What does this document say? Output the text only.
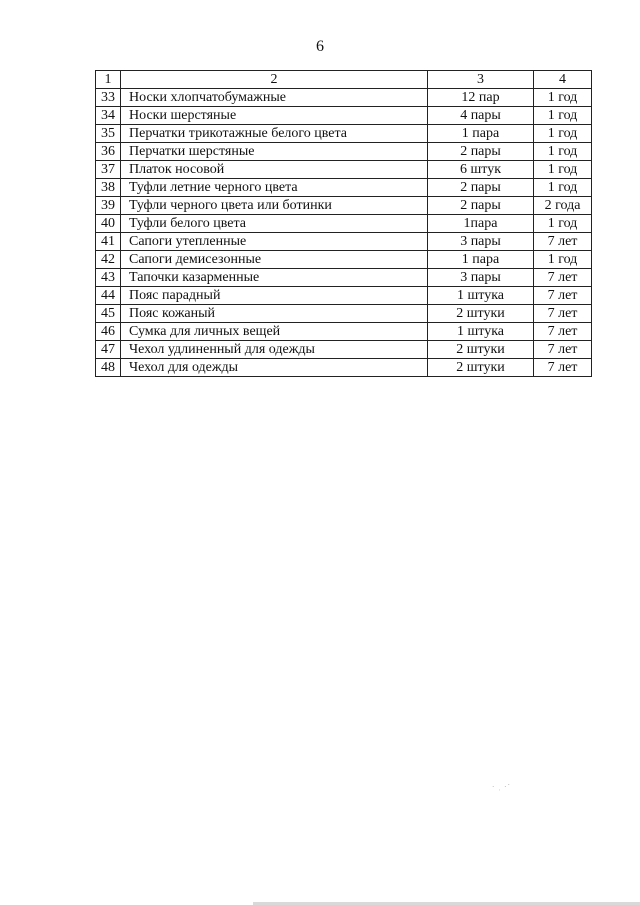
6
1	2	3	4
33	Носки хлопчатобумажные	12 пар	1 год
34	Носки шерстяные	4 пары	1 год
35	Перчатки трикотажные белого цвета	1 пара	1 год
36	Перчатки шерстяные	2 пары	1 год
37	Платок носовой	6 штук	1 год
38	Туфли летние черного цвета	2 пары	1 год
39	Туфли черного цвета или ботинки	2 пары	2 года
40	Туфли белого цвета	1пара	1 год
41	Сапоги утепленные	3 пары	7 лет
42	Сапоги демисезонные	1 пара	1 год
43	Тапочки казарменные	3 пары	7 лет
44	Пояс парадный	1 штука	7 лет
45	Пояс кожаный	2 штуки	7 лет
46	Сумка для личных вещей	1 штука	7 лет
47	Чехол удлиненный для одежды	2 штуки	7 лет
48	Чехол для одежды	2 штуки	7 лет
· ˌ ·ˊ
